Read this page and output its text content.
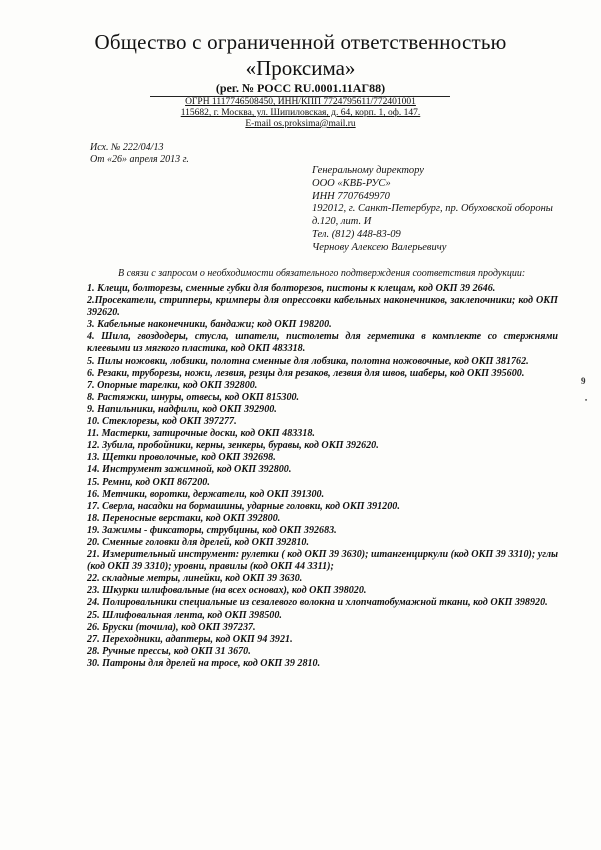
Общество с ограниченной ответственностью
«Проксима»
(рег. № РОСС RU.0001.11АГ88)
ОГРН 1117746508450, ИНН/КПП 7724795611/772401001
115682, г. Москва, ул. Шипиловская, д. 64, корп. 1, оф. 147.
E-mail os.proksima@mail.ru
Исх. № 222/04/13
От «26» апреля 2013 г.
Генеральному директору
ООО «КВБ-РУС»
ИНН 7707649970
192012, г. Санкт-Петербург, пр. Обуховской обороны д.120, лит. И
Тел. (812) 448-83-09
Чернову Алексею Валерьевичу
В связи с запросом о необходимости обязательного подтверждения соответствия продукции:
1. Клещи, болторезы, сменные губки для болторезов, пистоны к клещам, код ОКП 39 2646.
2.Просекатели, стрипперы, кримперы для опрессовки кабельных наконечников, заклепочники; код ОКП 392620.
3. Кабельные наконечники, бандажи; код ОКП 198200.
4. Шила, гвоздодеры, стусла, шпатели, пистолеты для герметика в комплекте со стержнями клеевыми из мягкого пластика, код ОКП 483318.
5. Пилы ножовки, лобзики, полотна сменные для лобзика, полотна ножовочные, код ОКП 381762.
6. Резаки, труборезы, ножи, лезвия, резцы для резаков, лезвия для швов, шаберы, код ОКП 395600.
7. Опорные тарелки, код ОКП 392800.
8. Растяжки, шнуры, отвесы, код ОКП 815300.
9. Напильники, надфили, код ОКП 392900.
10. Стеклорезы, код ОКП 397277.
11. Мастерки, затирочные доски, код ОКП 483318.
12. Зубила, пробойники, керны, зенкеры, буравы, код ОКП 392620.
13. Щетки проволочные, код ОКП 392698.
14. Инструмент зажимной, код ОКП 392800.
15. Ремни, код ОКП 867200.
16. Метчики, воротки, держатели, код ОКП 391300.
17. Сверла, насадки на бормашины, ударные головки, код ОКП 391200.
18. Переносные верстаки, код ОКП 392800.
19. Зажимы - фиксаторы, струбцины, код ОКП 392683.
20. Сменные головки для дрелей, код ОКП 392810.
21. Измерительный инструмент: рулетки ( код ОКП 39 3630); штангенциркули (код ОКП 39 3310); углы (код ОКП 39 3310); уровни, правилы (код ОКП 44 3311);
22. складные метры, линейки, код ОКП 39 3630.
23. Шкурки шлифовальные (на всех основах), код ОКП 398020.
24. Полировальники специальные из сезалевого волокна и хлопчатобумажной ткани, код ОКП 398920.
25. Шлифовальная лента, код ОКП 398500.
26. Бруски (точила), код ОКП 397237.
27. Переходники, адаптеры, код ОКП 94 3921.
28. Ручные прессы, код ОКП 31 3670.
30. Патроны для дрелей на тросе, код ОКП 39 2810.
9
•
